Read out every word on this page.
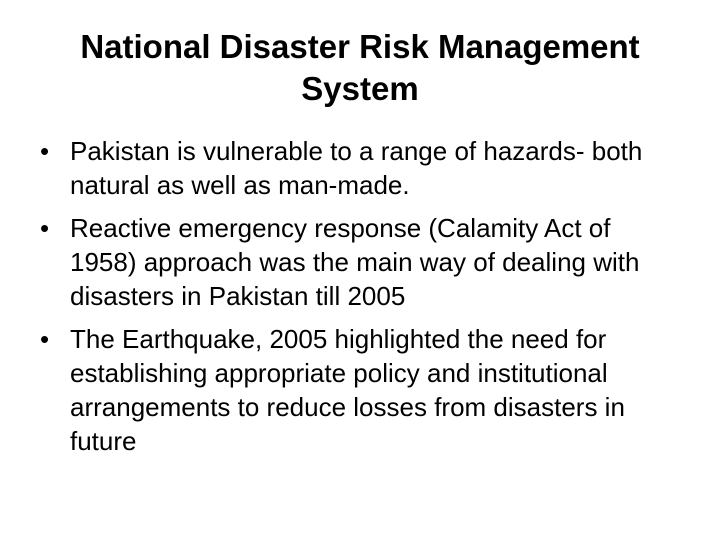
National Disaster Risk Management System
• Pakistan is vulnerable to a range of hazards- both natural as well as man-made.
• Reactive emergency response (Calamity Act of 1958) approach was the main way of dealing with disasters in Pakistan till 2005
• The Earthquake, 2005 highlighted the need for establishing appropriate policy and institutional arrangements to reduce losses from disasters in future
